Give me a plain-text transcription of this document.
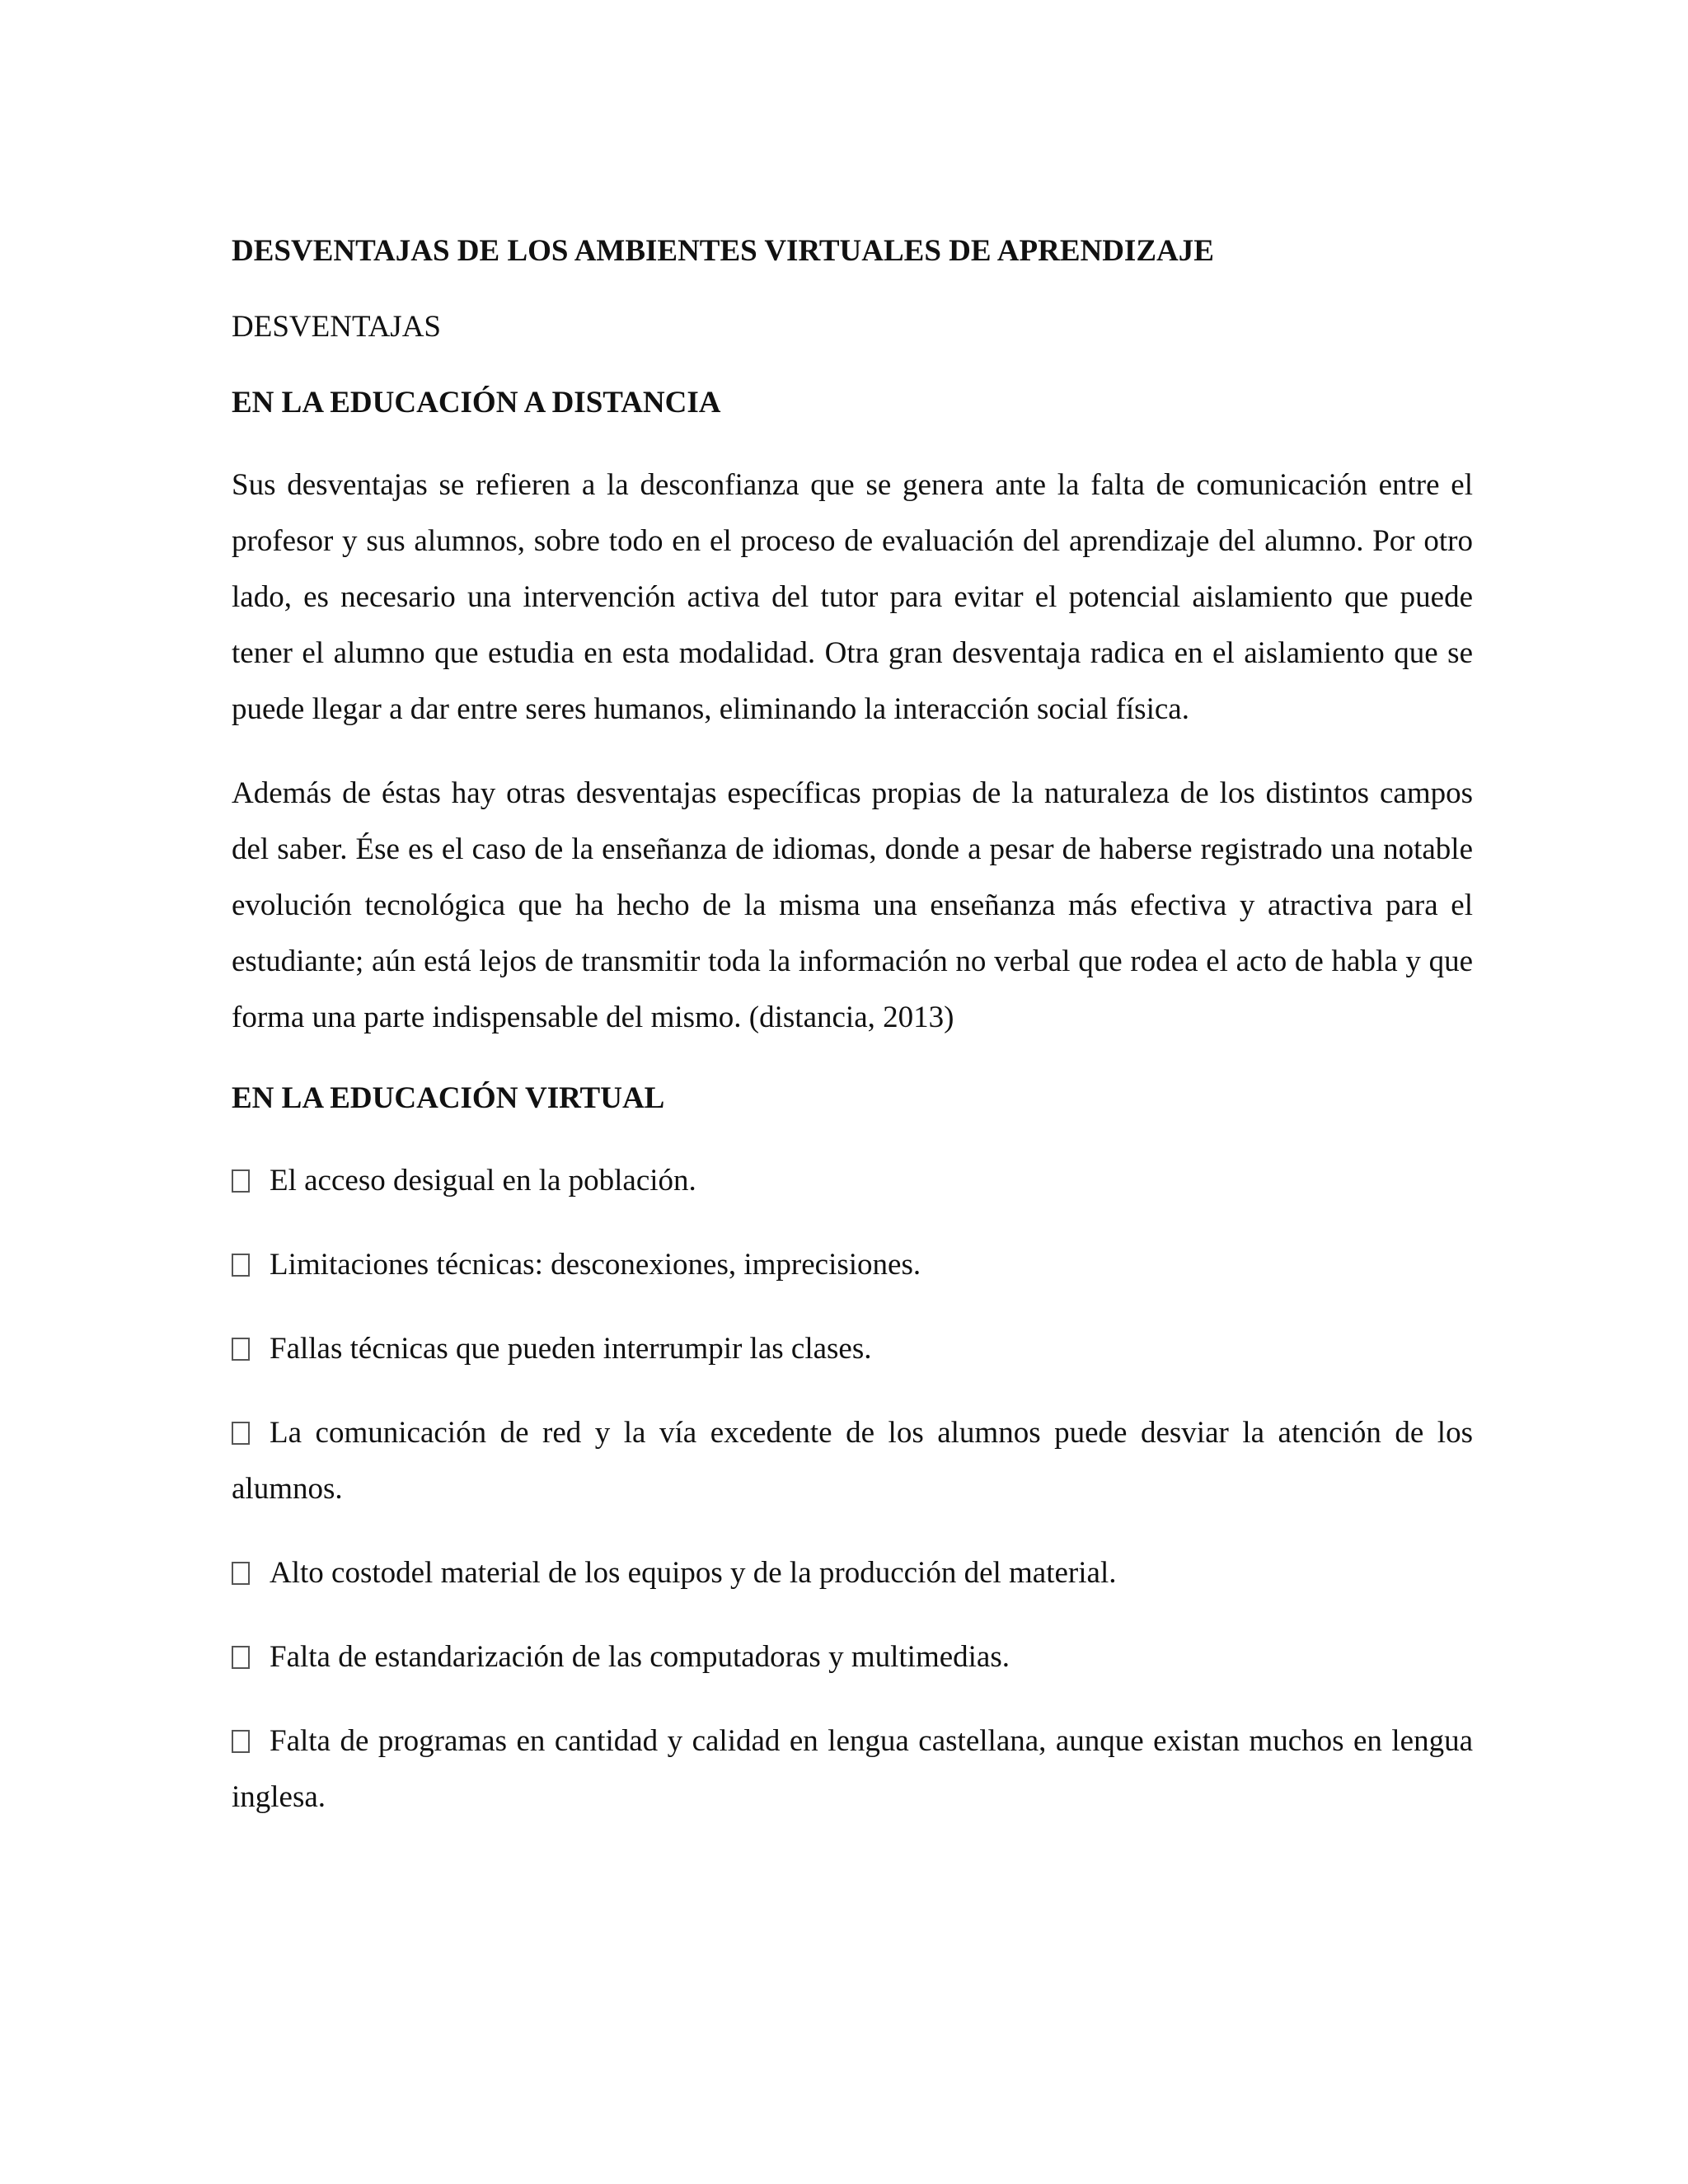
DESVENTAJAS DE LOS AMBIENTES VIRTUALES DE APRENDIZAJE
DESVENTAJAS
EN LA EDUCACIÓN A DISTANCIA

Sus desventajas se refieren a la desconfianza que se genera ante la falta de comunicación entre el profesor y sus alumnos, sobre todo en el proceso de evaluación del aprendizaje del alumno. Por otro lado, es necesario una intervención activa del tutor para evitar el potencial aislamiento que puede tener el alumno que estudia en esta modalidad. Otra gran desventaja radica en el aislamiento que se puede llegar a dar entre seres humanos, eliminando la interacción social física.

Además de éstas hay otras desventajas específicas propias de la naturaleza de los distintos campos del saber. Ése es el caso de la enseñanza de idiomas, donde a pesar de haberse registrado una notable evolución tecnológica que ha hecho de la misma una enseñanza más efectiva y atractiva para el estudiante; aún está lejos de transmitir toda la información no verbal que rodea el acto de habla y que forma una parte indispensable del mismo. (distancia, 2013)

EN LA EDUCACIÓN VIRTUAL
El acceso desigual en la población.
Limitaciones técnicas: desconexiones, imprecisiones.
Fallas técnicas que pueden interrumpir las clases.
La comunicación de red y la vía excedente de los alumnos puede desviar la atención de los alumnos.
Alto costodel material de los equipos y de la producción del material.
Falta de estandarización de las computadoras y multimedias.
Falta de programas en cantidad y calidad en lengua castellana, aunque existan muchos en lengua inglesa.
